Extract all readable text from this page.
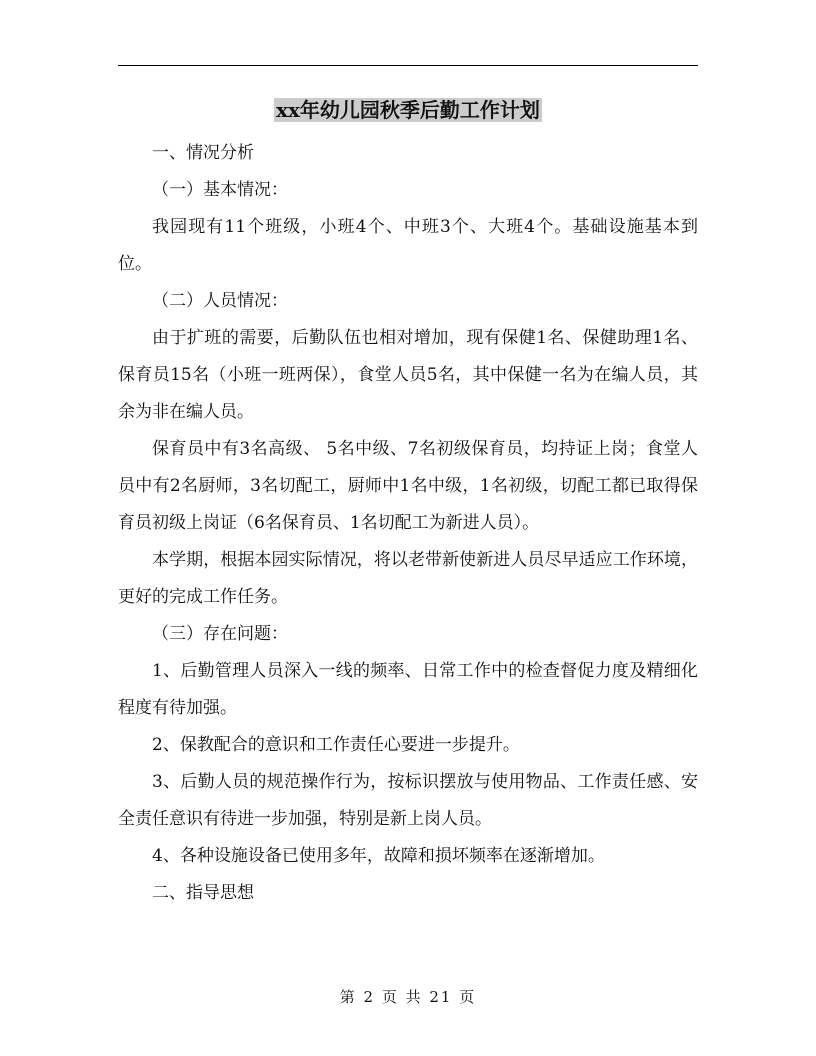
xx年幼儿园秋季后勤工作计划

一、情况分析

（一）基本情况：

我园现有11个班级，小班4个、中班3个、大班4个。基础设施基本到位。

（二）人员情况：

由于扩班的需要，后勤队伍也相对增加，现有保健1名、保健助理1名、保育员15名（小班一班两保），食堂人员5名，其中保健一名为在编人员，其余为非在编人员。

保育员中有3名高级、 5名中级、7名初级保育员，均持证上岗；食堂人员中有2名厨师，3名切配工，厨师中1名中级，1名初级，切配工都已取得保育员初级上岗证（6名保育员、1名切配工为新进人员）。

本学期，根据本园实际情况，将以老带新使新进人员尽早适应工作环境，更好的完成工作任务。

（三）存在问题：

1、后勤管理人员深入一线的频率、日常工作中的检查督促力度及精细化程度有待加强。

2、保教配合的意识和工作责任心要进一步提升。

3、后勤人员的规范操作行为，按标识摆放与使用物品、工作责任感、安全责任意识有待进一步加强，特别是新上岗人员。

4、各种设施设备已使用多年，故障和损坏频率在逐渐增加。

二、指导思想

第 2 页 共 21 页
